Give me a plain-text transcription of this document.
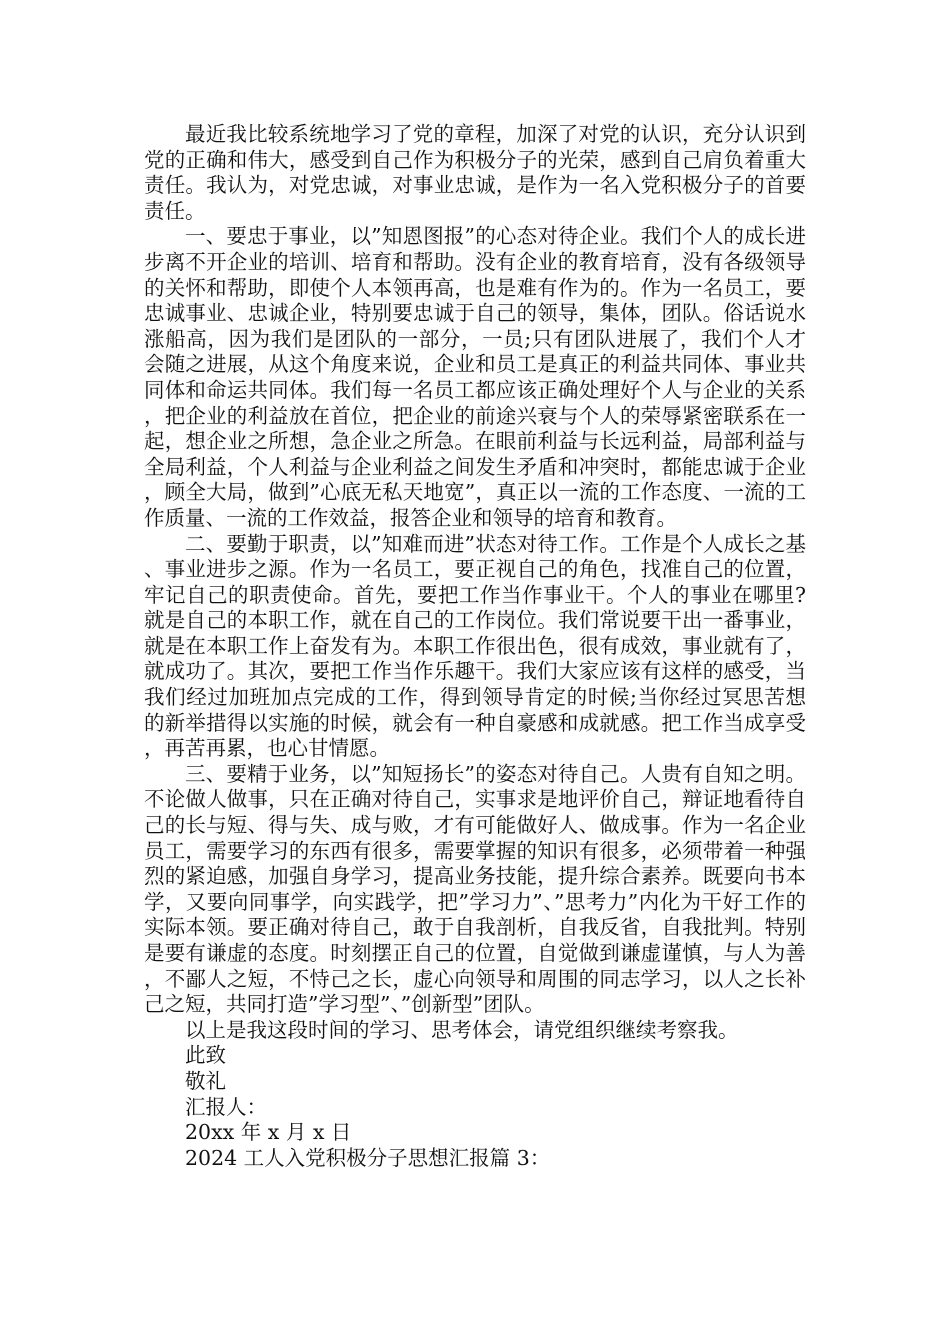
最近我比较系统地学习了党的章程，加深了对党的认识，充分认识到党的正确和伟大，感受到自己作为积极分子的光荣，感到自己肩负着重大责任。我认为，对党忠诚，对事业忠诚，是作为一名入党积极分子的首要责任。

一、要忠于事业，以”知恩图报”的心态对待企业。我们个人的成长进步离不开企业的培训、培育和帮助。没有企业的教育培育，没有各级领导的关怀和帮助，即使个人本领再高，也是难有作为的。作为一名员工，要忠诚事业、忠诚企业，特别要忠诚于自己的领导，集体，团队。俗话说水涨船高，因为我们是团队的一部分，一员;只有团队进展了，我们个人才会随之进展，从这个角度来说，企业和员工是真正的利益共同体、事业共同体和命运共同体。我们每一名员工都应该正确处理好个人与企业的关系，把企业的利益放在首位，把企业的前途兴衰与个人的荣辱紧密联系在一起，想企业之所想，急企业之所急。在眼前利益与长远利益，局部利益与全局利益，个人利益与企业利益之间发生矛盾和冲突时，都能忠诚于企业，顾全大局，做到”心底无私天地宽”，真正以一流的工作态度、一流的工作质量、一流的工作效益，报答企业和领导的培育和教育。

二、要勤于职责，以”知难而进”状态对待工作。工作是个人成长之基、事业进步之源。作为一名员工，要正视自己的角色，找准自己的位置，牢记自己的职责使命。首先，要把工作当作事业干。个人的事业在哪里?就是自己的本职工作，就在自己的工作岗位。我们常说要干出一番事业，就是在本职工作上奋发有为。本职工作很出色，很有成效，事业就有了，就成功了。其次，要把工作当作乐趣干。我们大家应该有这样的感受，当我们经过加班加点完成的工作，得到领导肯定的时候;当你经过冥思苦想的新举措得以实施的时候，就会有一种自豪感和成就感。把工作当成享受，再苦再累，也心甘情愿。

三、要精于业务，以”知短扬长”的姿态对待自己。人贵有自知之明。不论做人做事，只在正确对待自己，实事求是地评价自己，辩证地看待自己的长与短、得与失、成与败，才有可能做好人、做成事。作为一名企业员工，需要学习的东西有很多，需要掌握的知识有很多，必须带着一种强烈的紧迫感，加强自身学习，提高业务技能，提升综合素养。既要向书本学，又要向同事学，向实践学，把”学习力”、”思考力”内化为干好工作的实际本领。要正确对待自己，敢于自我剖析，自我反省，自我批判。特别是要有谦虚的态度。时刻摆正自己的位置，自觉做到谦虚谨慎，与人为善，不鄙人之短，不恃己之长，虚心向领导和周围的同志学习，以人之长补己之短，共同打造”学习型”、”创新型”团队。

以上是我这段时间的学习、思考体会，请党组织继续考察我。

此致

敬礼

汇报人：

20xx 年 x 月 x 日

2024 工人入党积极分子思想汇报篇 3：
